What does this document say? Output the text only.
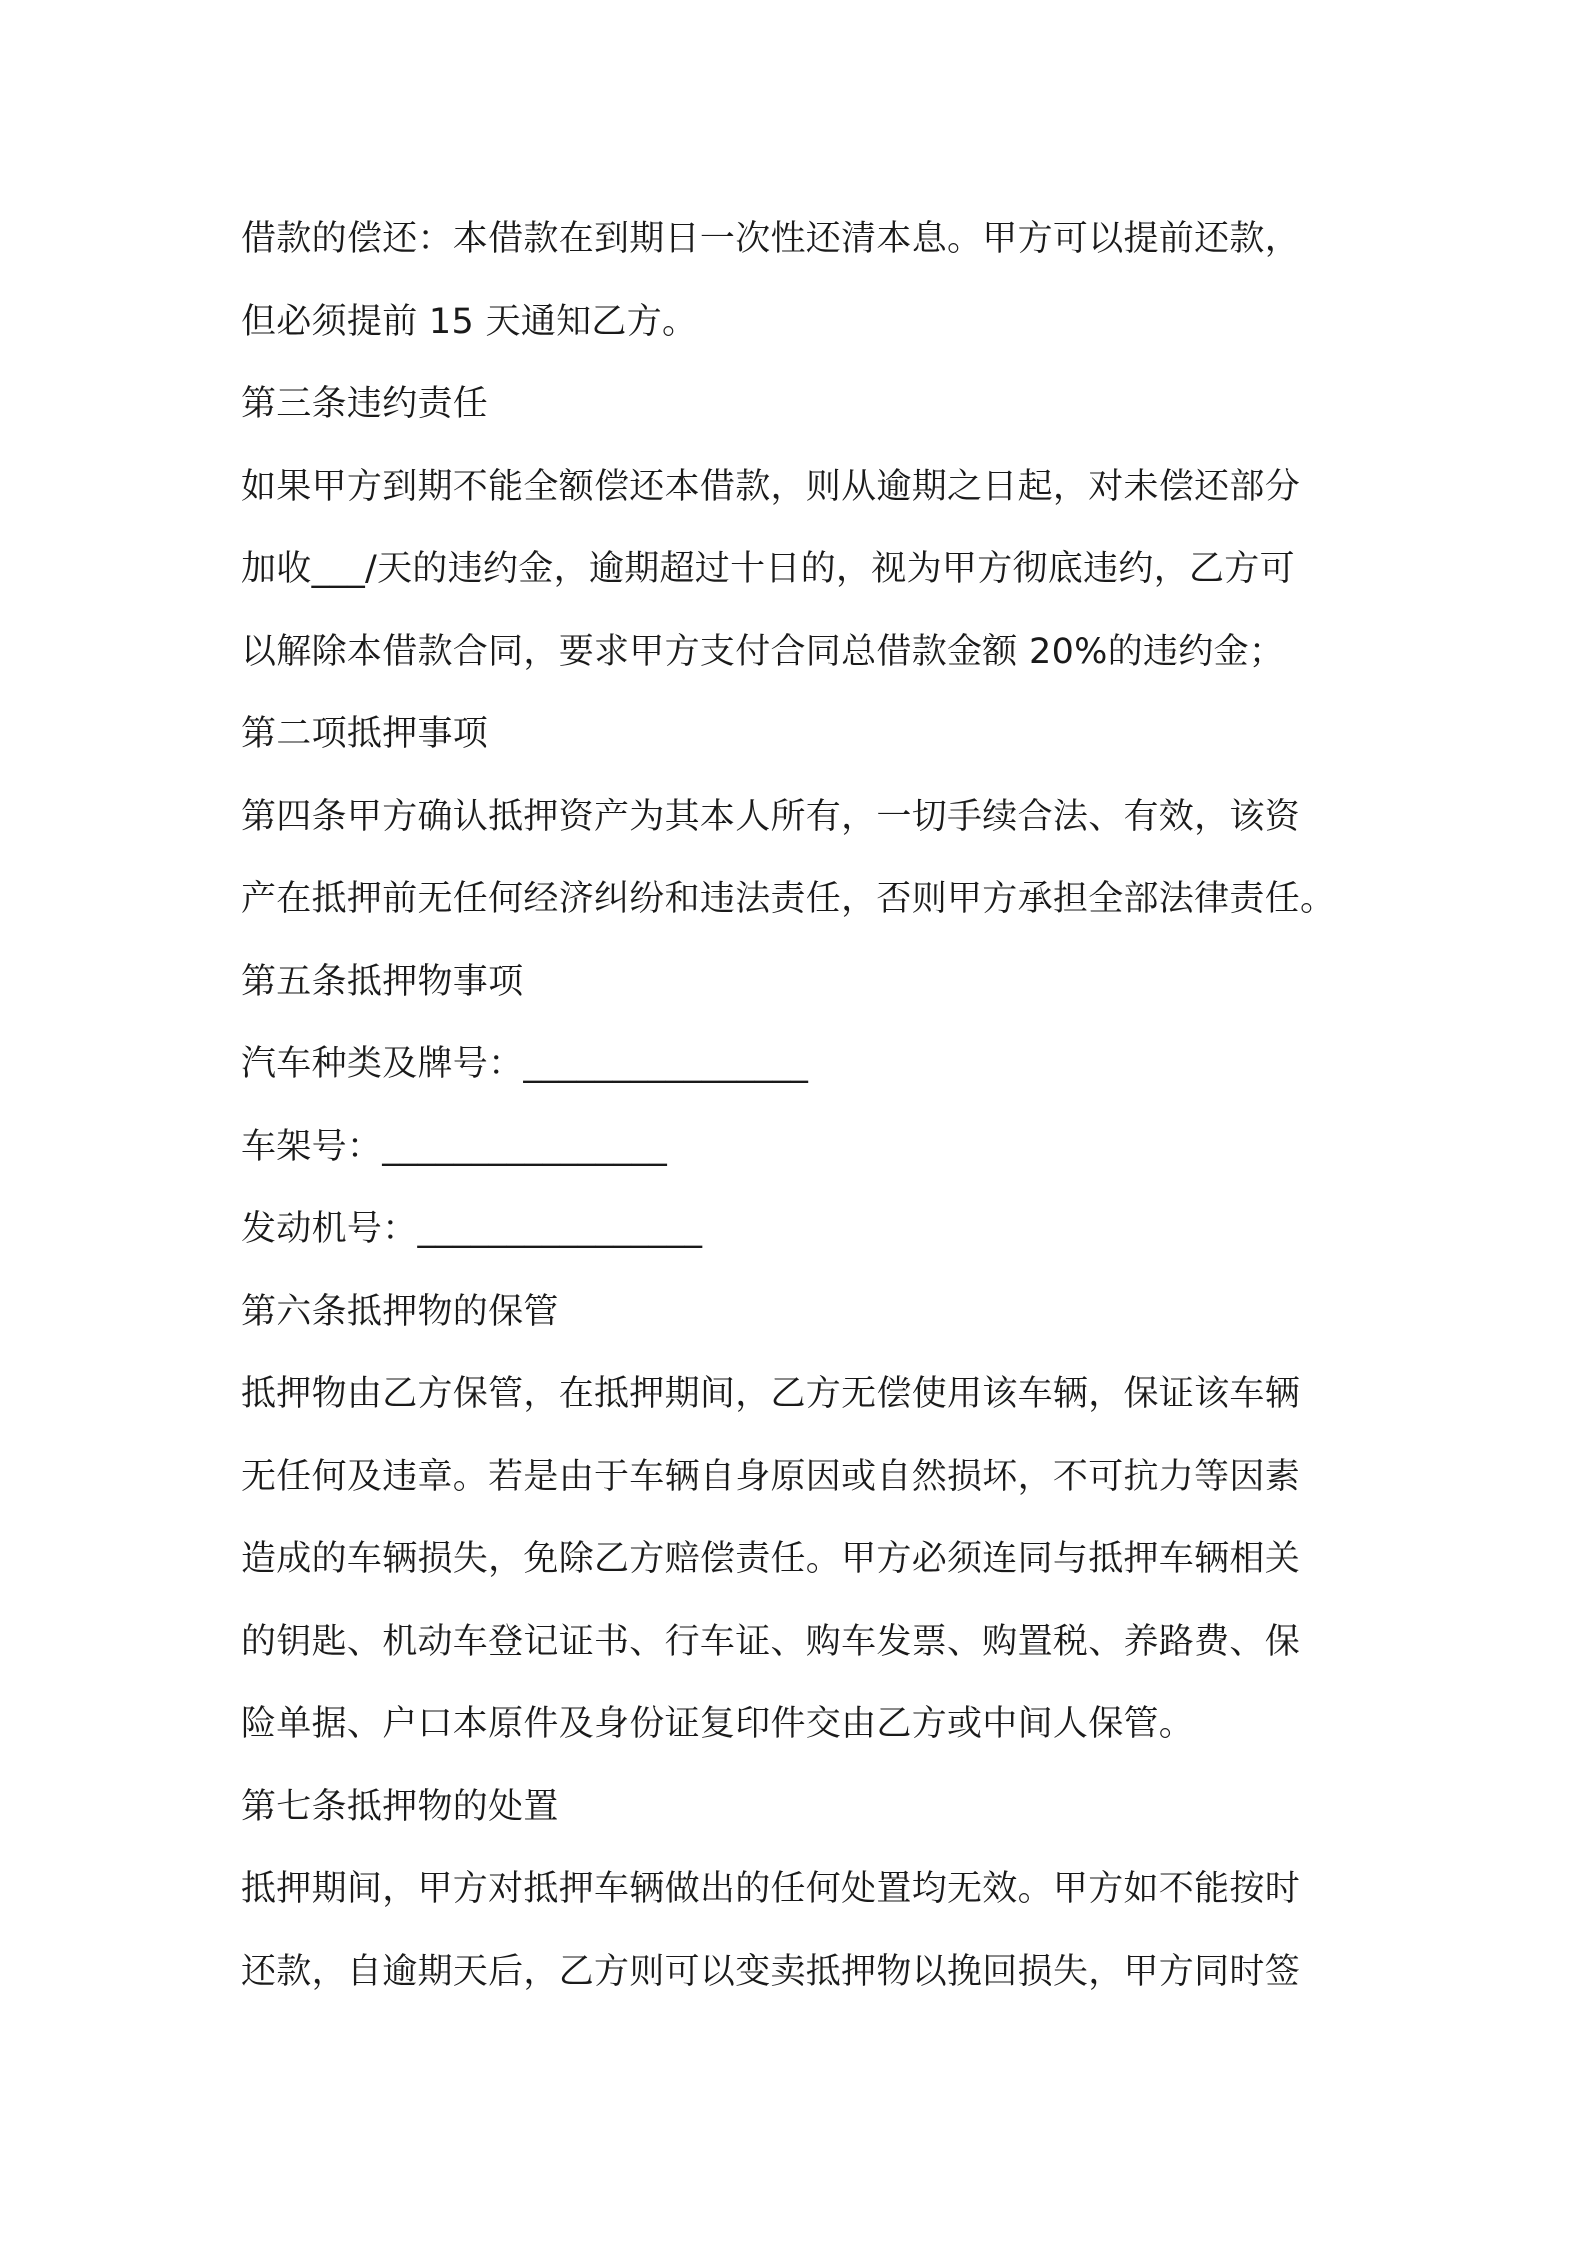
借款的偿还：本借款在到期日一次性还清本息。甲方可以提前还款，
但必须提前 15 天通知乙方。
第三条违约责任
如果甲方到期不能全额偿还本借款，则从逾期之日起，对未偿还部分
加收___/天的违约金，逾期超过十日的，视为甲方彻底违约，乙方可
以解除本借款合同，要求甲方支付合同总借款金额 20%的违约金；
第二项抵押事项
第四条甲方确认抵押资产为其本人所有，一切手续合法、有效，该资
产在抵押前无任何经济纠纷和违法责任，否则甲方承担全部法律责任。
第五条抵押物事项
汽车种类及牌号：________________
车架号：________________
发动机号：________________
第六条抵押物的保管
抵押物由乙方保管，在抵押期间，乙方无偿使用该车辆，保证该车辆
无任何及违章。若是由于车辆自身原因或自然损坏，不可抗力等因素
造成的车辆损失，免除乙方赔偿责任。甲方必须连同与抵押车辆相关
的钥匙、机动车登记证书、行车证、购车发票、购置税、养路费、保
险单据、户口本原件及身份证复印件交由乙方或中间人保管。
第七条抵押物的处置
抵押期间，甲方对抵押车辆做出的任何处置均无效。甲方如不能按时
还款，自逾期天后，乙方则可以变卖抵押物以挽回损失，甲方同时签
